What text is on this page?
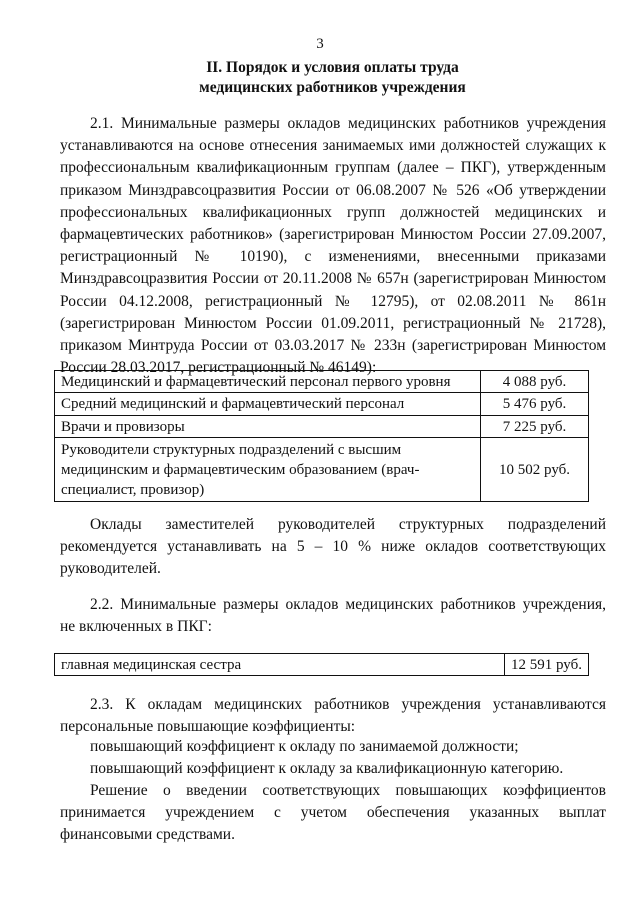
3
II. Порядок и условия оплаты труда
медицинских работников учреждения
2.1. Минимальные размеры окладов медицинских работников учреждения устанавливаются на основе отнесения занимаемых ими должностей служащих к профессиональным квалификационным группам (далее – ПКГ), утвержденным приказом Минздравсоцразвития России от 06.08.2007 № 526 «Об утверждении профессиональных квалификационных групп должностей медицинских и фармацевтических работников» (зарегистрирован Минюстом России 27.09.2007, регистрационный № 10190), с изменениями, внесенными приказами Минздравсоцразвития России от 20.11.2008 № 657н (зарегистрирован Минюстом России 04.12.2008, регистрационный № 12795), от 02.08.2011 № 861н (зарегистрирован Минюстом России 01.09.2011, регистрационный № 21728), приказом Минтруда России от 03.03.2017 № 233н (зарегистрирован Минюстом России 28.03.2017, регистрационный № 46149):
Медицинский и фармацевтический персонал первого уровня	4 088 руб.
Средний медицинский и фармацевтический персонал	5 476 руб.
Врачи и провизоры	7 225 руб.
Руководители структурных подразделений с высшим медицинским и фармацевтическим образованием (врач-специалист, провизор)	10 502 руб.
Оклады заместителей руководителей структурных подразделений рекомендуется устанавливать на 5 – 10 % ниже окладов соответствующих руководителей.
2.2. Минимальные размеры окладов медицинских работников учреждения, не включенных в ПКГ:
главная медицинская сестра	12 591 руб.
2.3. К окладам медицинских работников учреждения устанавливаются персональные повышающие коэффициенты:
повышающий коэффициент к окладу по занимаемой должности;
повышающий коэффициент к окладу за квалификационную категорию.
Решение о введении соответствующих повышающих коэффициентов принимается учреждением с учетом обеспечения указанных выплат финансовыми средствами.
